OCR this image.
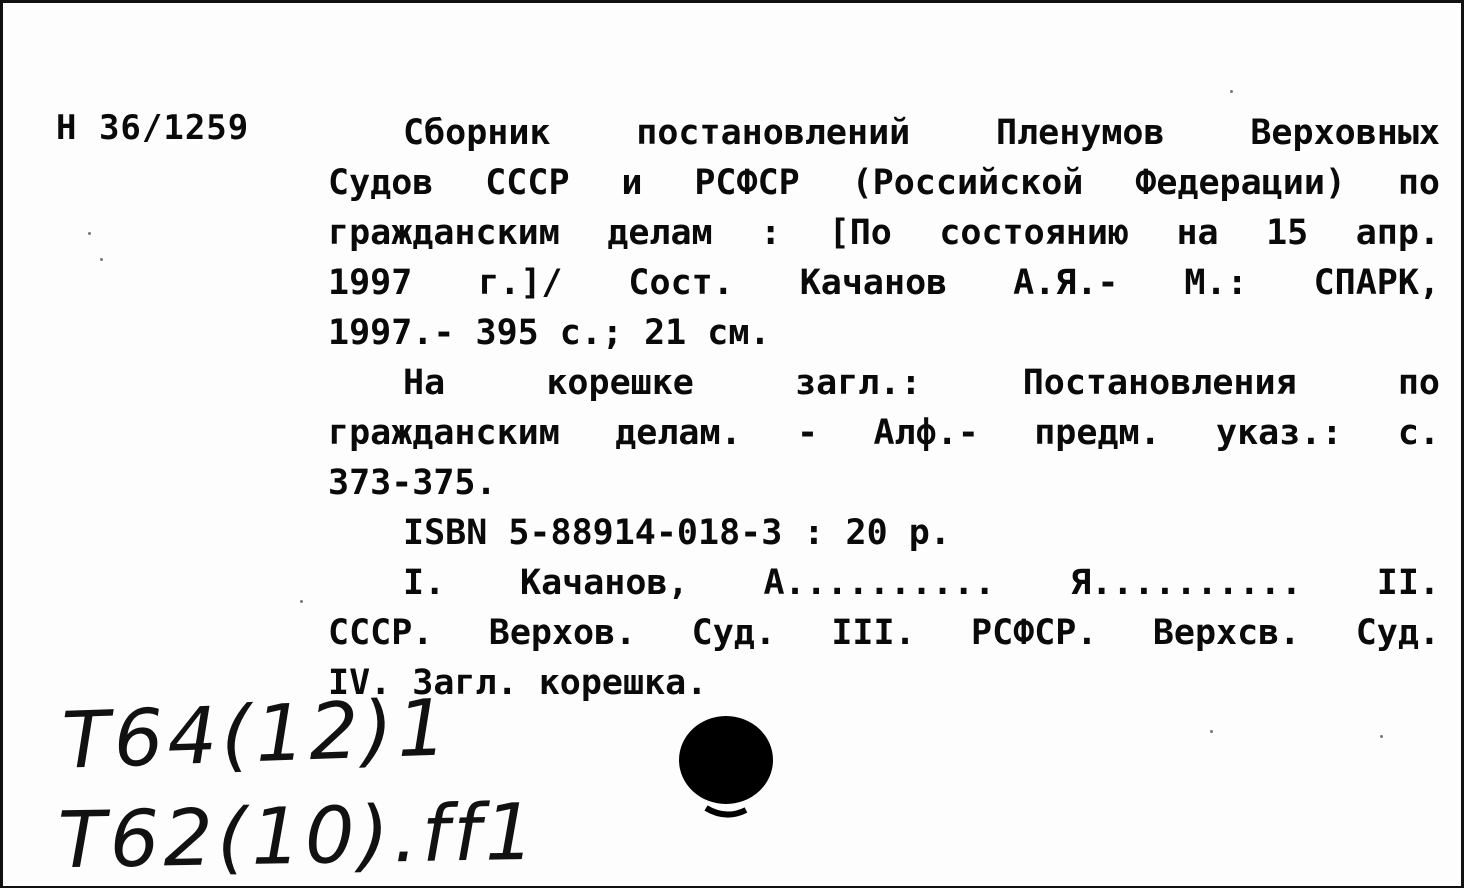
Н 36/1259	Сборник постановлений Пленумов Верховных
Судов СССР и РСФСР (Российской Федерации) по
гражданским делам : [По состоянию на 15 апр.
1997 г.]/ Сост. Качанов А.Я.- М.: СПАРК,
1997.- 395 с.; 21 см.
На корешке загл.: Постановления по
гражданским делам. - Алф.- предм. указ.: с.
373-375.
ISBN 5-88914-018-3 : 20 р.
I. Качанов, А.......... Я.......... II.
СССР. Верхов. Суд. III. РСФСР. Верхсв. Суд.
IV. Загл. корешка.
Т64(12)1
Т62(10).ff1
